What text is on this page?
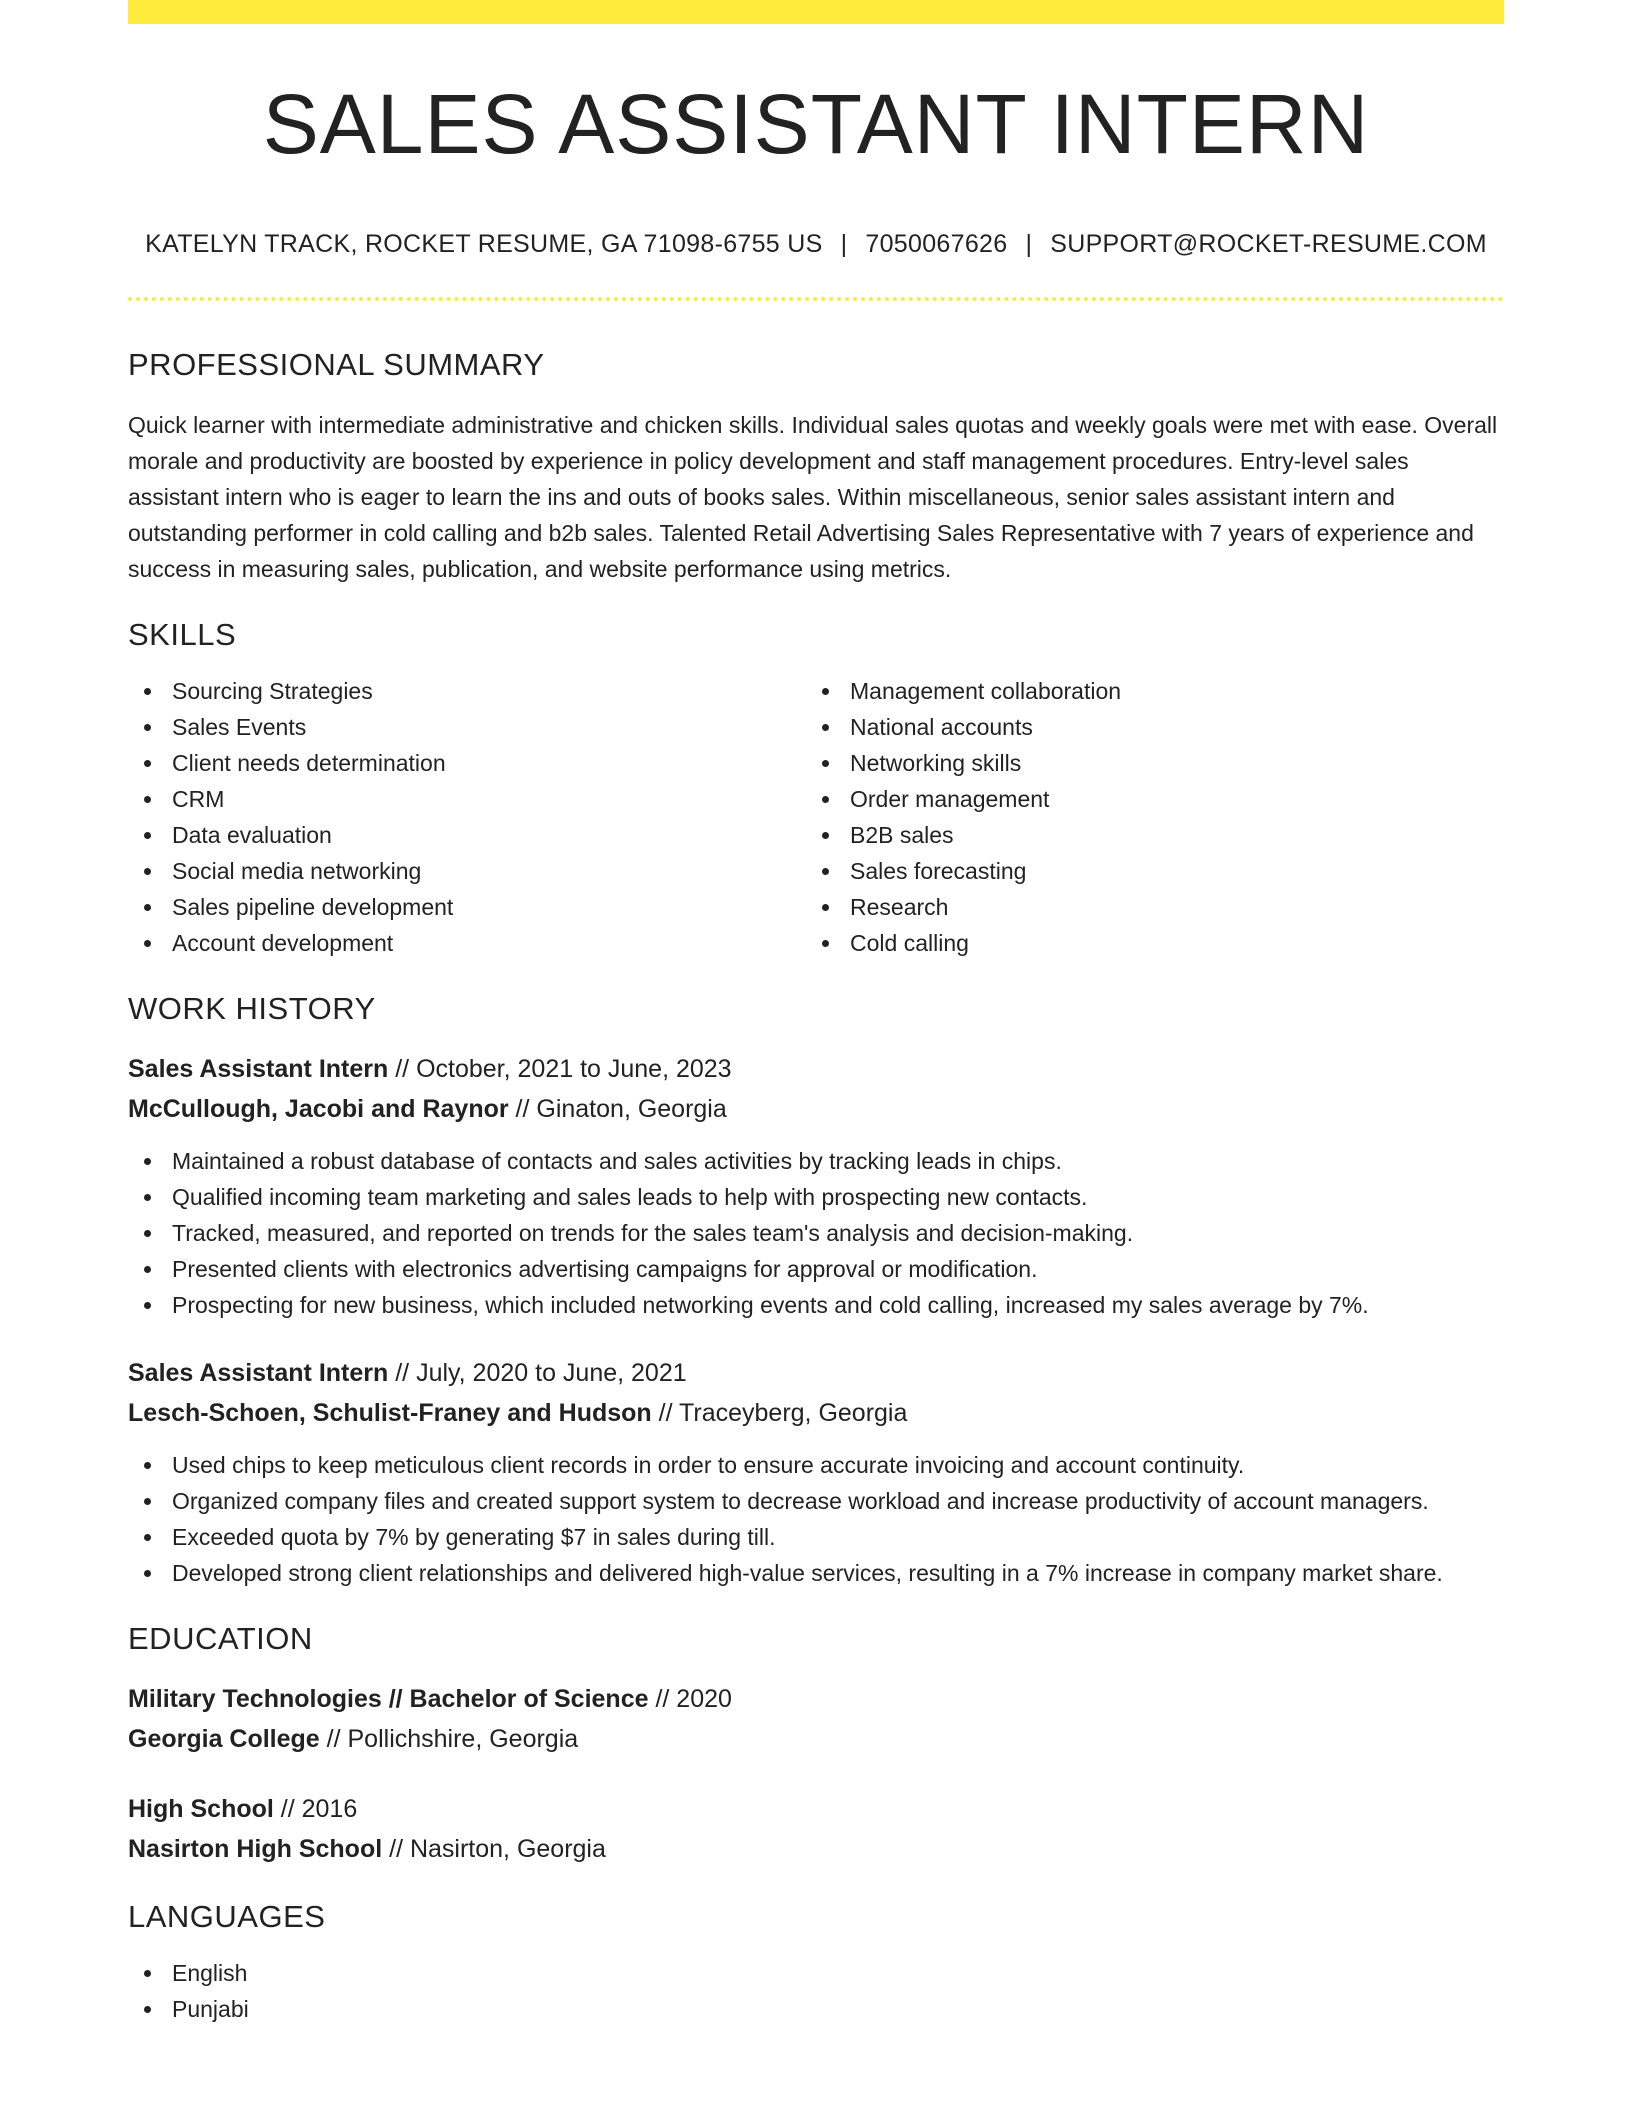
SALES ASSISTANT INTERN
KATELYN TRACK, ROCKET RESUME, GA 71098-6755 US | 7050067626 | SUPPORT@ROCKET-RESUME.COM
PROFESSIONAL SUMMARY

Quick learner with intermediate administrative and chicken skills. Individual sales quotas and weekly goals were met with ease. Overall morale and productivity are boosted by experience in policy development and staff management procedures. Entry-level sales assistant intern who is eager to learn the ins and outs of books sales. Within miscellaneous, senior sales assistant intern and outstanding performer in cold calling and b2b sales. Talented Retail Advertising Sales Representative with 7 years of experience and success in measuring sales, publication, and website performance using metrics.

SKILLS
Sourcing Strategies
Sales Events
Client needs determination
CRM
Data evaluation
Social media networking
Sales pipeline development
Account development
Management collaboration
National accounts
Networking skills
Order management
B2B sales
Sales forecasting
Research
Cold calling
WORK HISTORY
Sales Assistant Intern // October, 2021 to June, 2023
McCullough, Jacobi and Raynor // Ginaton, Georgia
Maintained a robust database of contacts and sales activities by tracking leads in chips.
Qualified incoming team marketing and sales leads to help with prospecting new contacts.
Tracked, measured, and reported on trends for the sales team's analysis and decision-making.
Presented clients with electronics advertising campaigns for approval or modification.
Prospecting for new business, which included networking events and cold calling, increased my sales average by 7%.
Sales Assistant Intern // July, 2020 to June, 2021
Lesch-Schoen, Schulist-Franey and Hudson // Traceyberg, Georgia
Used chips to keep meticulous client records in order to ensure accurate invoicing and account continuity.
Organized company files and created support system to decrease workload and increase productivity of account managers.
Exceeded quota by 7% by generating $7 in sales during till.
Developed strong client relationships and delivered high-value services, resulting in a 7% increase in company market share.
EDUCATION
Military Technologies // Bachelor of Science // 2020
Georgia College // Pollichshire, Georgia
High School // 2016
Nasirton High School // Nasirton, Georgia
LANGUAGES
English
Punjabi
